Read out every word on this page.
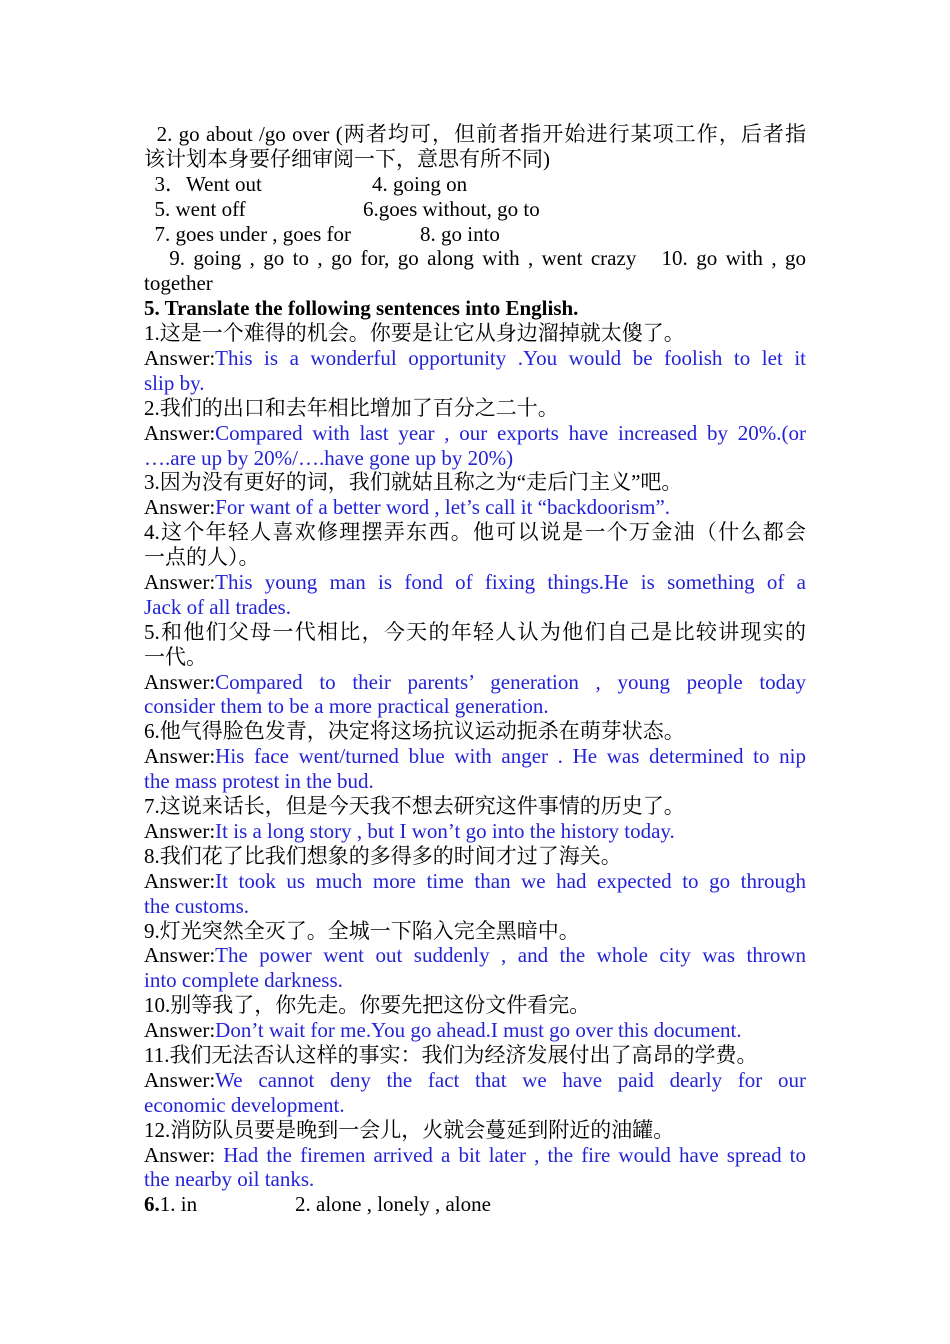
2. go about /go over (两者均可，但前者指开始进行某项工作，后者指
该计划本身要仔细审阅一下，意思有所不同)
3．Went out	4. going on
5. went off	6.goes without, go to
7. goes under , goes for	8. go into
9. going , go to , go for, go along with , went crazy   10. go with , go
together
5. Translate the following sentences into English.
1.这是一个难得的机会。你要是让它从身边溜掉就太傻了。
Answer:This is a wonderful opportunity .You would be foolish to let it
slip by.
2.我们的出口和去年相比增加了百分之二十。
Answer:Compared with last year , our exports have increased by 20%.(or
….are up by 20%/….have gone up by 20%)
3.因为没有更好的词，我们就姑且称之为“走后门主义”吧。
Answer:For want of a better word , let’s call it “backdoorism”.
4.这个年轻人喜欢修理摆弄东西。他可以说是一个万金油（什么都会
一点的人）。
Answer:This young man is fond of fixing things.He is something of a
Jack of all trades.
5.和他们父母一代相比，今天的年轻人认为他们自己是比较讲现实的
一代。
Answer:Compared to their parents’ generation , young people today
consider them to be a more practical generation.
6.他气得脸色发青，决定将这场抗议运动扼杀在萌芽状态。
Answer:His face went/turned blue with anger . He was determined to nip
the mass protest in the bud.
7.这说来话长，但是今天我不想去研究这件事情的历史了。
Answer:It is a long story , but I won’t go into the history today.
8.我们花了比我们想象的多得多的时间才过了海关。
Answer:It took us much more time than we had expected to go through
the customs.
9.灯光突然全灭了。全城一下陷入完全黑暗中。
Answer:The power went out suddenly , and the whole city was thrown
into complete darkness.
10.别等我了，你先走。你要先把这份文件看完。
Answer:Don’t wait for me.You go ahead.I must go over this document.
11.我们无法否认这样的事实：我们为经济发展付出了高昂的学费。
Answer:We cannot deny the fact that we have paid dearly for our
economic development.
12.消防队员要是晚到一会儿，火就会蔓延到附近的油罐。
Answer: Had the firemen arrived a bit later , the fire would have spread to
the nearby oil tanks.
6.1. in	2. alone , lonely , alone
